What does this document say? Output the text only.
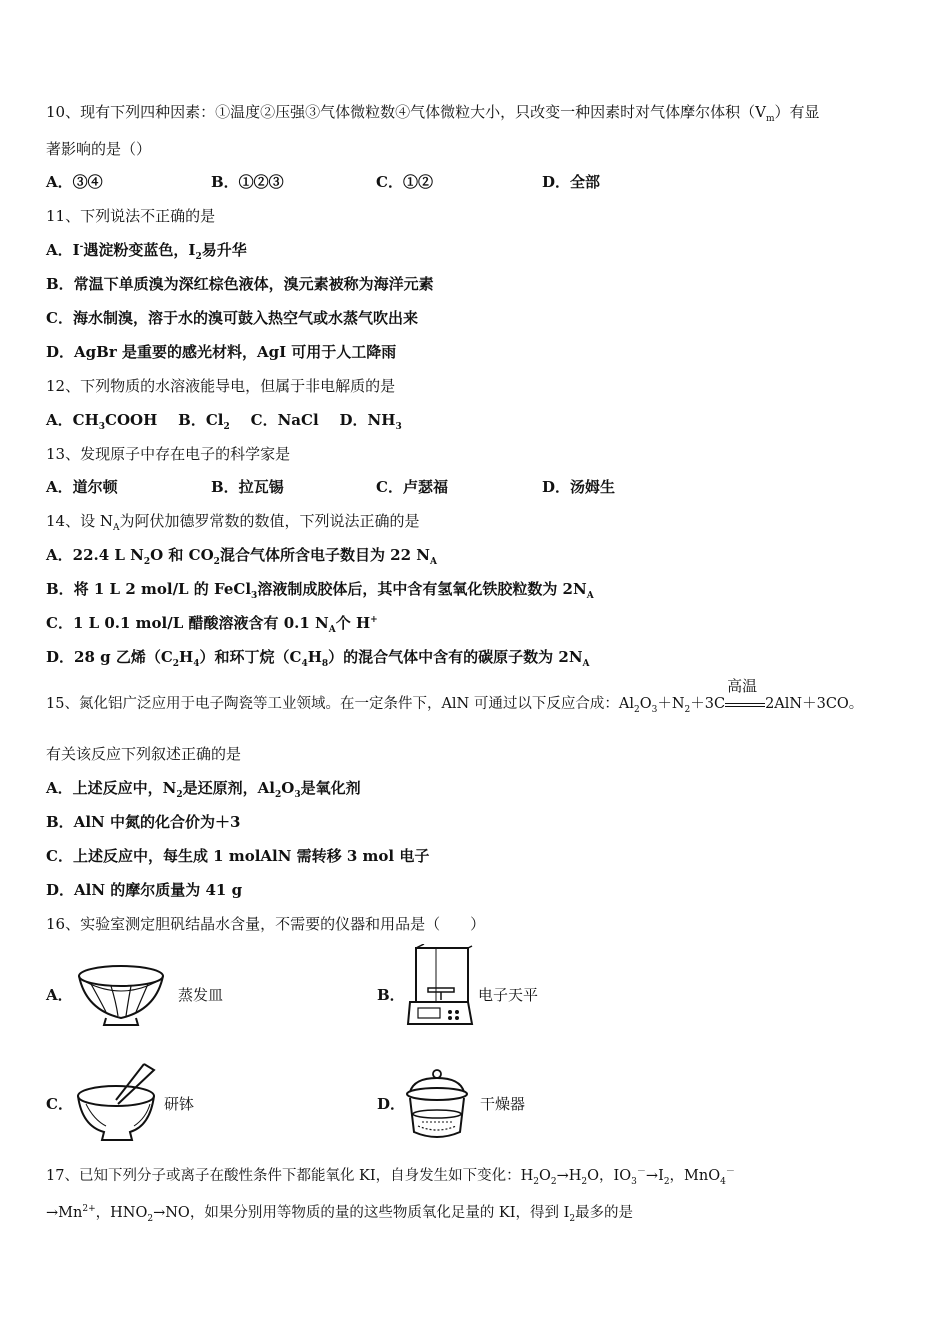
10、现有下列四种因素：①温度②压强③气体微粒数④气体微粒大小，只改变一种因素时对气体摩尔体积$(V_m)$有显
著影响的是（）
A．③④	B．①②③	C．①②	D．全部
11、下列说法不正确的是
A．I-遇淀粉变蓝色，$I_2$易升华
B．常温下单质溴为深红棕色液体，溴元素被称为海洋元素
C．海水制溴，溶于水的溴可鼓入热空气或水蒸气吹出来
D．AgBr 是重要的感光材料，AgI 可用于人工降雨
12、下列物质的水溶液能导电，但属于非电解质的是
A．$CH_3COOH$ B．$Cl_2$ C．NaCl D．$NH_3$
13、发现原子中存在电子的科学家是
A．道尔顿	B．拉瓦锡	C．卢瑟福	D．汤姆生
14、设 $N_A$为阿伏加德罗常数的数值，下列说法正确的是
A．22.4 L $N_2O$ 和 $CO_2$混合气体所含电子数目为 22 $N_A$
B．将 1 L 2 mol/L 的 FeCl$_3$溶液制成胶体后，其中含有氢氧化铁胶粒数为 $2N_A$
C．1 L 0.1 mol/L 醋酸溶液含有 0.1 $N_A$个 H+
D．28 g 乙烯$(C_2H_4)$和环丁烷$(C_4H_8)$的混合气体中含有的碳原子数为 $2N_A$
15、氮化铝广泛应用于电子陶瓷等工业领域。在一定条件下，AlN 可通过以下反应合成：$Al_2O_3+N_2+3C$
高温
2AlN＋3CO。
有关该反应下列叙述正确的是
A．上述反应中，$N_2$是还原剂，$Al_2O_3$是氧化剂
B．AlN 中氮的化合价为＋3
C．上述反应中，每生成 1 molAlN 需转移 3 mol 电子
D．AlN 的摩尔质量为 41 g
16、实验室测定胆矾结晶水含量，不需要的仪器和用品是（　　）
A．	蒸发皿	B．	电子天平
C．	研钵	D．	干燥器
17、已知下列分子或离子在酸性条件下都能氧化 KI，自身发生如下变化：$H_2O_2\to H_2O$，$IO_3^-\to I_2$，MnO$_4$－
$\to Mn^{2+}$，$HNO_2\to NO$，如果分别用等物质的量的这些物质氧化足量的 KI，得到 $I_2$最多的是
